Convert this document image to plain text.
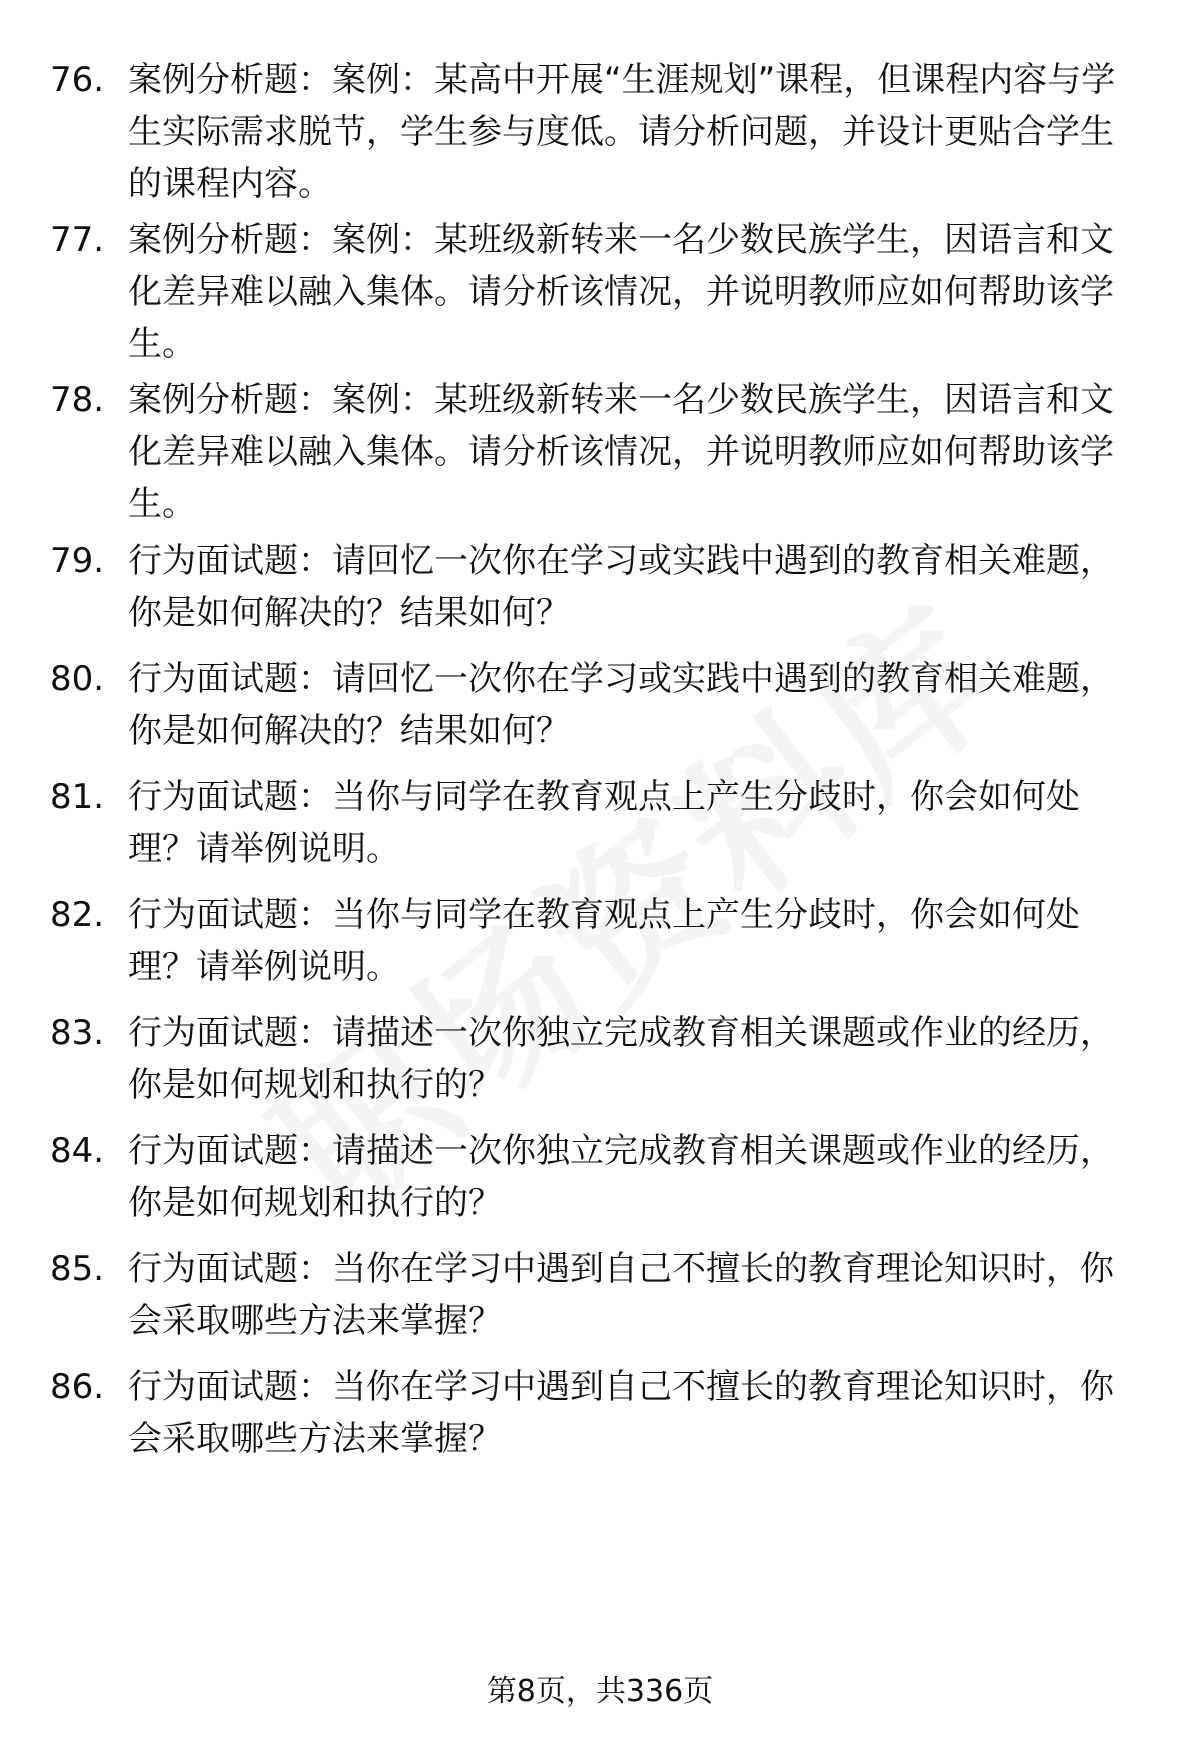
76. 案例分析题：案例：某高中开展“生涯规划”课程，但课程内容与学生实际需求脱节，学生参与度低。请分析问题，并设计更贴合学生的课程内容。
77. 案例分析题：案例：某班级新转来一名少数民族学生，因语言和文化差异难以融入集体。请分析该情况，并说明教师应如何帮助该学生。
78. 案例分析题：案例：某班级新转来一名少数民族学生，因语言和文化差异难以融入集体。请分析该情况，并说明教师应如何帮助该学生。
79. 行为面试题：请回忆一次你在学习或实践中遇到的教育相关难题，你是如何解决的？结果如何？
80. 行为面试题：请回忆一次你在学习或实践中遇到的教育相关难题，你是如何解决的？结果如何？
81. 行为面试题：当你与同学在教育观点上产生分歧时，你会如何处理？请举例说明。
82. 行为面试题：当你与同学在教育观点上产生分歧时，你会如何处理？请举例说明。
83. 行为面试题：请描述一次你独立完成教育相关课题或作业的经历，你是如何规划和执行的？
84. 行为面试题：请描述一次你独立完成教育相关课题或作业的经历，你是如何规划和执行的？
85. 行为面试题：当你在学习中遇到自己不擅长的教育理论知识时，你会采取哪些方法来掌握？
86. 行为面试题：当你在学习中遇到自己不擅长的教育理论知识时，你会采取哪些方法来掌握？
第8页，共336页
